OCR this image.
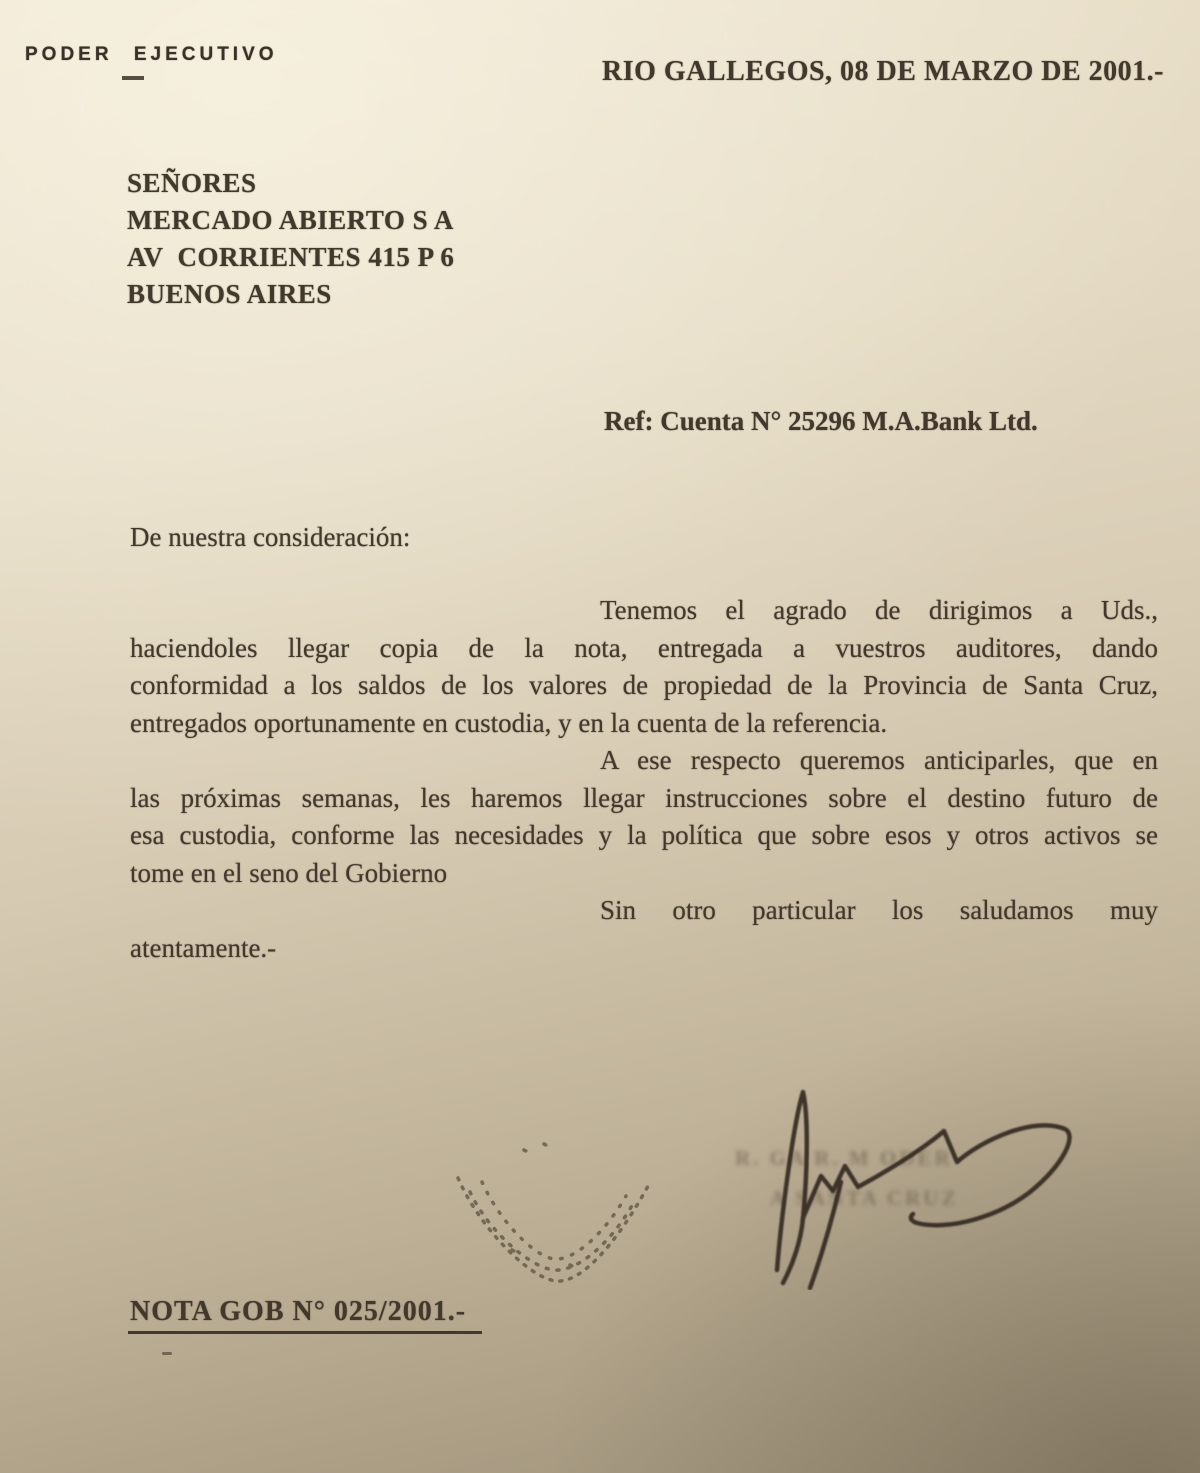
PODER EJECUTIVO
RIO GALLEGOS, 08 DE MARZO DE 2001.-
SEÑORES
MERCADO ABIERTO S A
AV  CORRIENTES 415 P 6
BUENOS AIRES
Ref: Cuenta N° 25296 M.A.Bank Ltd.
De nuestra consideración:
Tenemos el agrado de dirigimos a Uds.,
haciendoles llegar copia de la nota, entregada a vuestros auditores, dando
conformidad a los saldos de los valores de propiedad de la Provincia de Santa Cruz,
entregados oportunamente en custodia, y en la cuenta de la referencia.
A ese respecto queremos anticiparles, que en
las próximas semanas, les haremos llegar instrucciones sobre el destino futuro de
esa custodia, conforme las necesidades y la política que sobre esos y otros activos se
tome en el seno del Gobierno
Sin otro particular los saludamos muy
atentamente.-
R. GA R. M ODER
A SANTA CRUZ
NOTA GOB N° 025/2001.-
